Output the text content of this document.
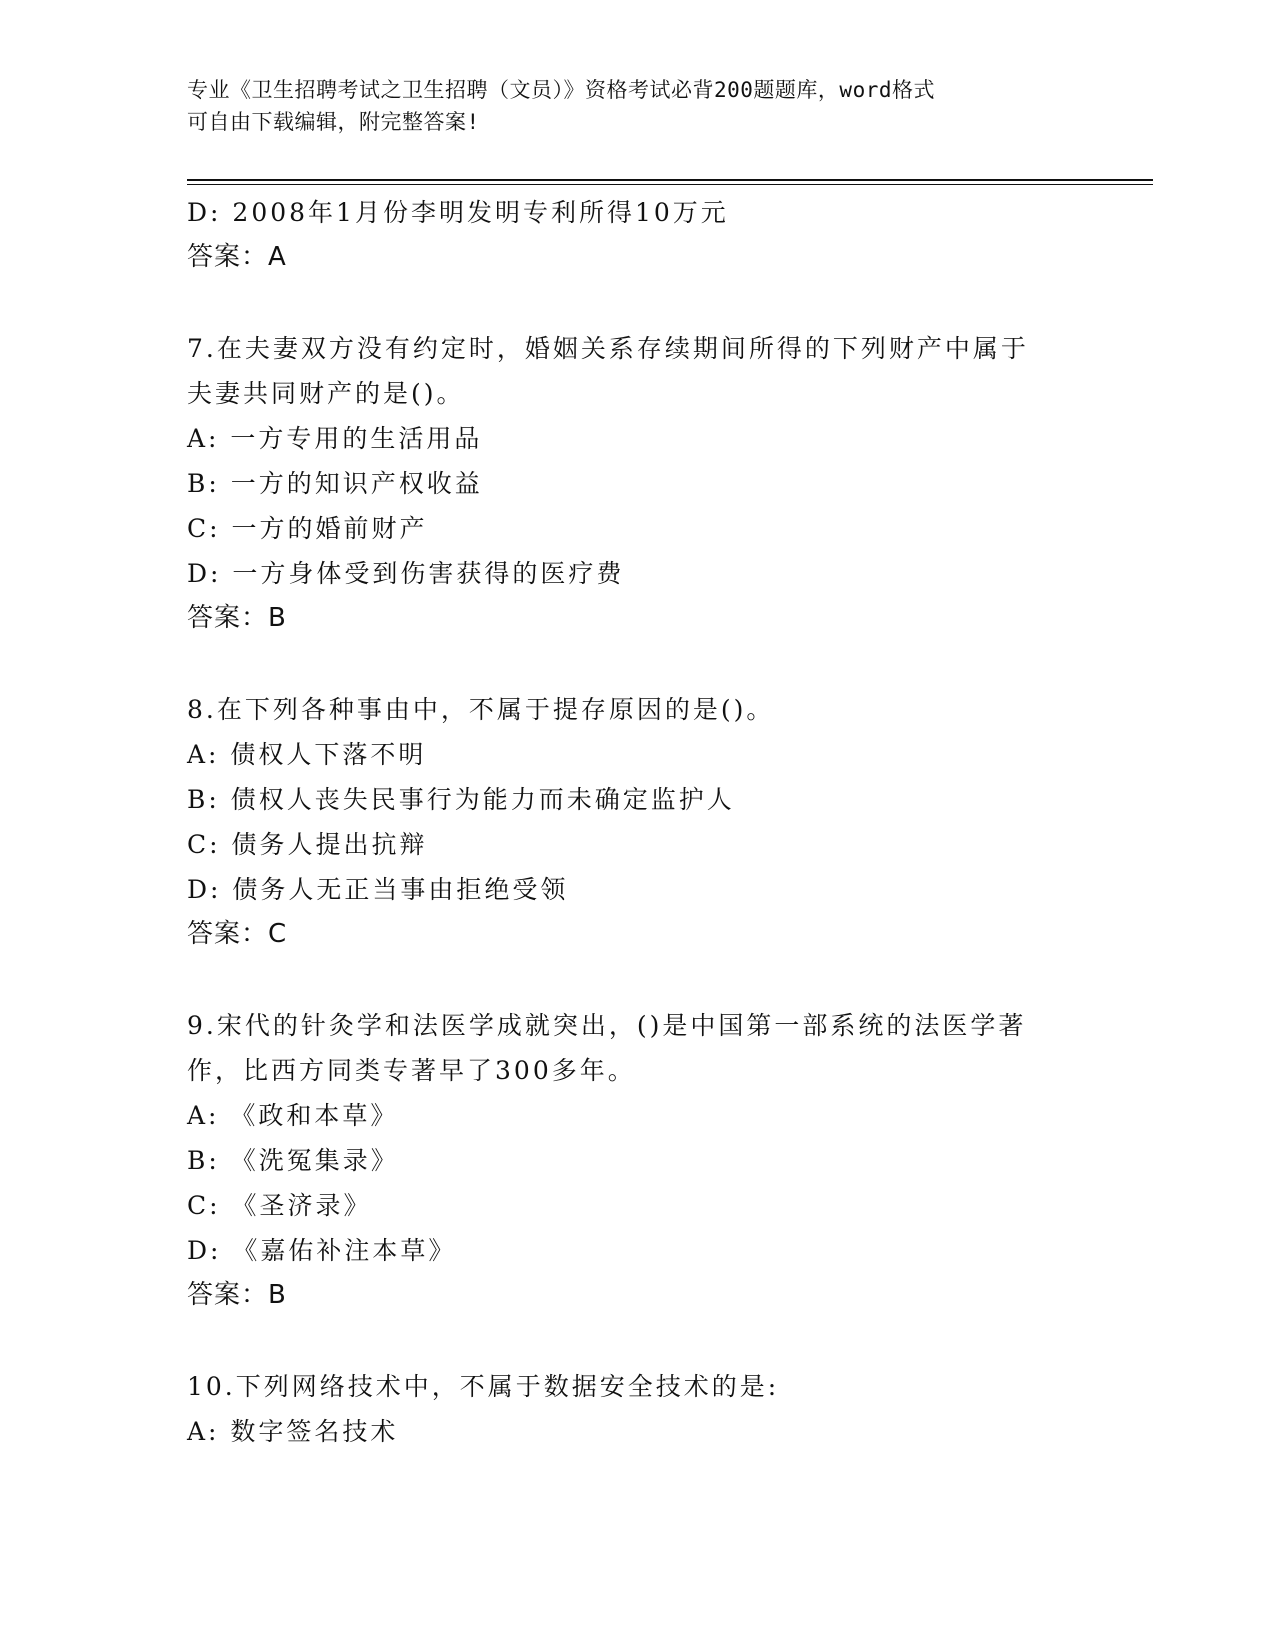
专业《卫生招聘考试之卫生招聘（文员）》资格考试必背200题题库，word格式
可自由下载编辑，附完整答案!
D: 2008年1月份李明发明专利所得10万元
答案：A
7.在夫妻双方没有约定时，婚姻关系存续期间所得的下列财产中属于
夫妻共同财产的是()。
A: 一方专用的生活用品
B: 一方的知识产权收益
C: 一方的婚前财产
D: 一方身体受到伤害获得的医疗费
答案：B
8.在下列各种事由中，不属于提存原因的是()。
A: 债权人下落不明
B: 债权人丧失民事行为能力而未确定监护人
C: 债务人提出抗辩
D: 债务人无正当事由拒绝受领
答案：C
9.宋代的针灸学和法医学成就突出，()是中国第一部系统的法医学著
作，比西方同类专著早了300多年。
A: 《政和本草》
B: 《洗冤集录》
C: 《圣济录》
D: 《嘉佑补注本草》
答案：B
10.下列网络技术中，不属于数据安全技术的是:
A: 数字签名技术
